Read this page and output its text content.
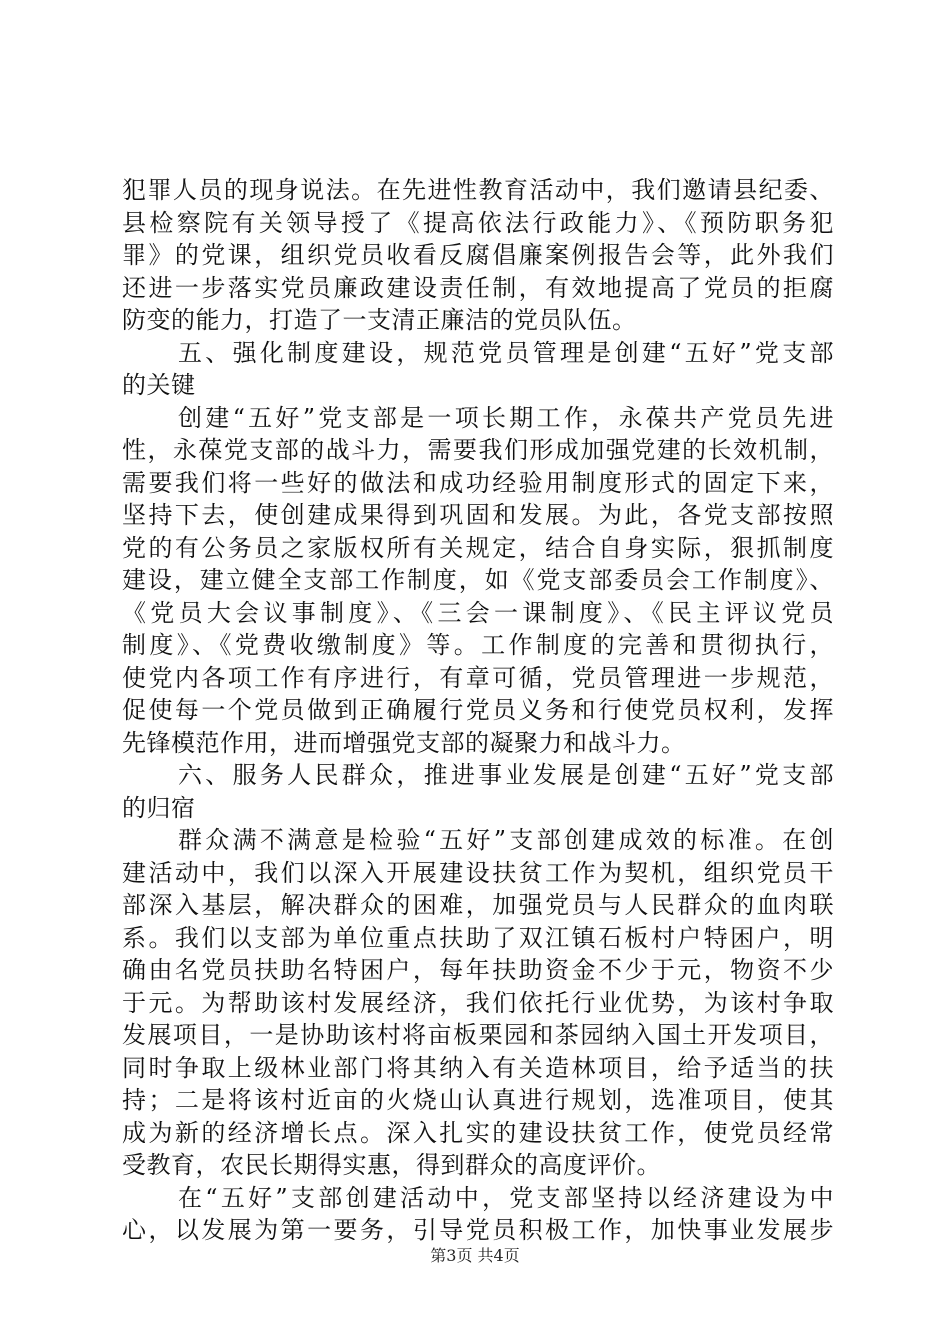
犯罪人员的现身说法。在先进性教育活动中，我们邀请县纪委、
县检察院有关领导授了《提高依法行政能力》、《预防职务犯
罪》的党课，组织党员收看反腐倡廉案例报告会等，此外我们
还进一步落实党员廉政建设责任制，有效地提高了党员的拒腐
防变的能力，打造了一支清正廉洁的党员队伍。
五、强化制度建设，规范党员管理是创建“五好”党支部
的关键
创建“五好”党支部是一项长期工作，永葆共产党员先进
性，永葆党支部的战斗力，需要我们形成加强党建的长效机制，
需要我们将一些好的做法和成功经验用制度形式的固定下来，
坚持下去，使创建成果得到巩固和发展。为此，各党支部按照
党的有公务员之家版权所有关规定，结合自身实际，狠抓制度
建设，建立健全支部工作制度，如《党支部委员会工作制度》、
《党员大会议事制度》、《三会一课制度》、《民主评议党员
制度》、《党费收缴制度》等。工作制度的完善和贯彻执行，
使党内各项工作有序进行，有章可循，党员管理进一步规范，
促使每一个党员做到正确履行党员义务和行使党员权利，发挥
先锋模范作用，进而增强党支部的凝聚力和战斗力。
六、服务人民群众，推进事业发展是创建“五好”党支部
的归宿
群众满不满意是检验“五好”支部创建成效的标准。在创
建活动中，我们以深入开展建设扶贫工作为契机，组织党员干
部深入基层，解决群众的困难，加强党员与人民群众的血肉联
系。我们以支部为单位重点扶助了双江镇石板村户特困户，明
确由名党员扶助名特困户，每年扶助资金不少于元，物资不少
于元。为帮助该村发展经济，我们依托行业优势，为该村争取
发展项目，一是协助该村将亩板栗园和茶园纳入国土开发项目，
同时争取上级林业部门将其纳入有关造林项目，给予适当的扶
持；二是将该村近亩的火烧山认真进行规划，选准项目，使其
成为新的经济增长点。深入扎实的建设扶贫工作，使党员经常
受教育，农民长期得实惠，得到群众的高度评价。
在“五好”支部创建活动中，党支部坚持以经济建设为中
心，以发展为第一要务，引导党员积极工作，加快事业发展步
第3页 共4页
